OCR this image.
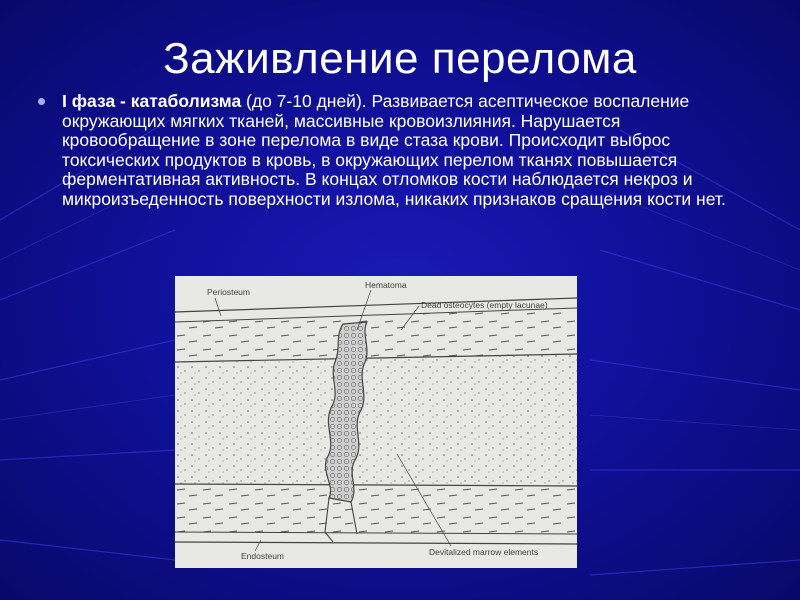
Заживление перелома
I фаза - катаболизма (до 7-10 дней). Развивается асептическое воспаление окружающих мягких тканей, массивные кровоизлияния. Нарушается кровообращение в зоне перелома в виде стаза крови. Происходит выброс токсических продуктов в кровь, в окружающих перелом тканях повышается ферментативная активность. В концах отломков кости наблюдается некроз и микроизъеденность поверхности излома, никаких признаков сращения кости нет.
Periosteum
Hematoma
Dead osteocytes (empty lacunae)
Endosteum	Devitalized marrow elements
